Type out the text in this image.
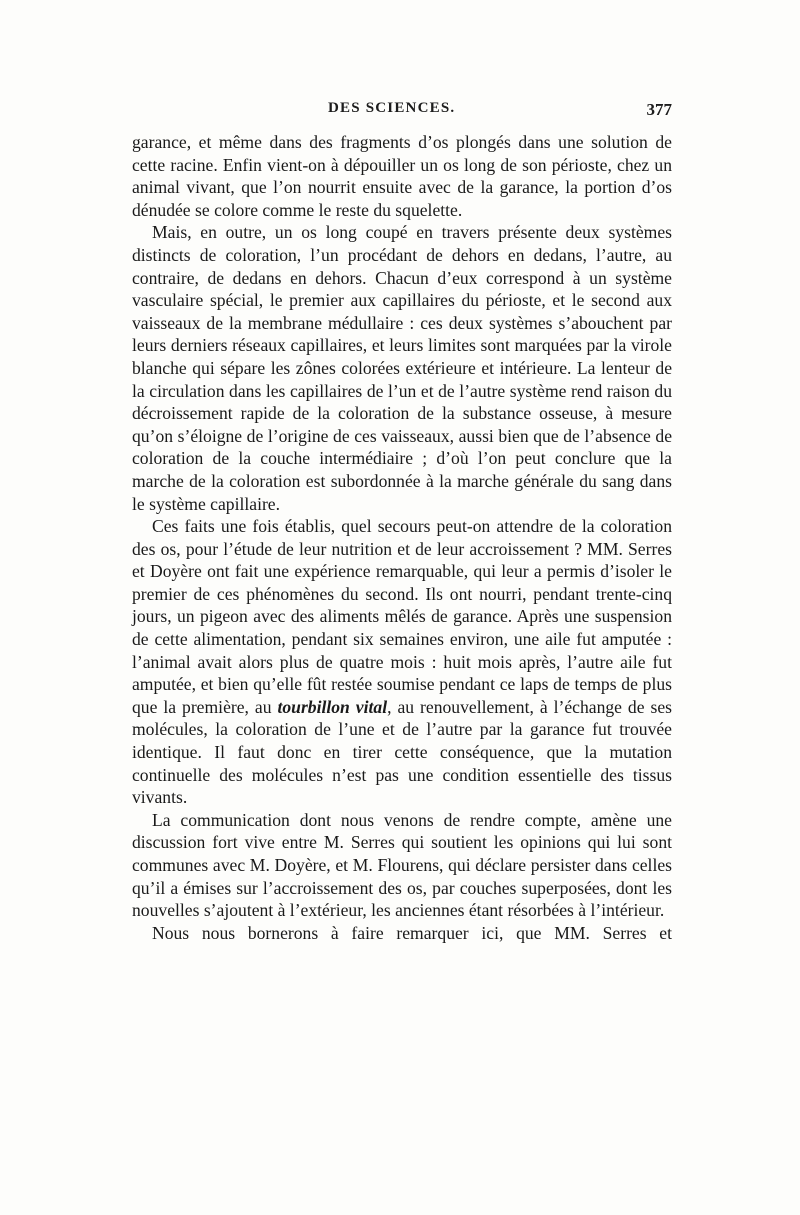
DES SCIENCES.	377

garance, et même dans des fragments d’os plongés dans une solution de cette racine. Enfin vient-on à dépouiller un os long de son périoste, chez un animal vivant, que l’on nourrit ensuite avec de la garance, la portion d’os dénudée se colore comme le reste du squelette.

Mais, en outre, un os long coupé en travers présente deux systèmes distincts de coloration, l’un procédant de dehors en dedans, l’autre, au contraire, de dedans en dehors. Chacun d’eux correspond à un système vasculaire spécial, le premier aux capillaires du périoste, et le second aux vaisseaux de la membrane médullaire : ces deux systèmes s’abouchent par leurs derniers réseaux capillaires, et leurs limites sont marquées par la virole blanche qui sépare les zônes colorées extérieure et intérieure. La lenteur de la circulation dans les capillaires de l’un et de l’autre système rend raison du décroissement rapide de la coloration de la substance osseuse, à mesure qu’on s’éloigne de l’origine de ces vaisseaux, aussi bien que de l’absence de coloration de la couche intermédiaire ; d’où l’on peut conclure que la marche de la coloration est subordonnée à la marche générale du sang dans le système capillaire.

Ces faits une fois établis, quel secours peut-on attendre de la coloration des os, pour l’étude de leur nutrition et de leur accroissement ? MM. Serres et Doyère ont fait une expérience remarquable, qui leur a permis d’isoler le premier de ces phénomènes du second. Ils ont nourri, pendant trente-cinq jours, un pigeon avec des aliments mêlés de garance. Après une suspension de cette alimentation, pendant six semaines environ, une aile fut amputée : l’animal avait alors plus de quatre mois : huit mois après, l’autre aile fut amputée, et bien qu’elle fût restée soumise pendant ce laps de temps de plus que la première, au tourbillon vital, au renouvellement, à l’échange de ses molécules, la coloration de l’une et de l’autre par la garance fut trouvée identique. Il faut donc en tirer cette conséquence, que la mutation continuelle des molécules n’est pas une condition essentielle des tissus vivants.

La communication dont nous venons de rendre compte, amène une discussion fort vive entre M. Serres qui soutient les opinions qui lui sont communes avec M. Doyère, et M. Flourens, qui déclare persister dans celles qu’il a émises sur l’accroissement des os, par couches superposées, dont les nouvelles s’ajoutent à l’extérieur, les anciennes étant résorbées à l’intérieur.

Nous nous bornerons à faire remarquer ici, que MM. Serres et
